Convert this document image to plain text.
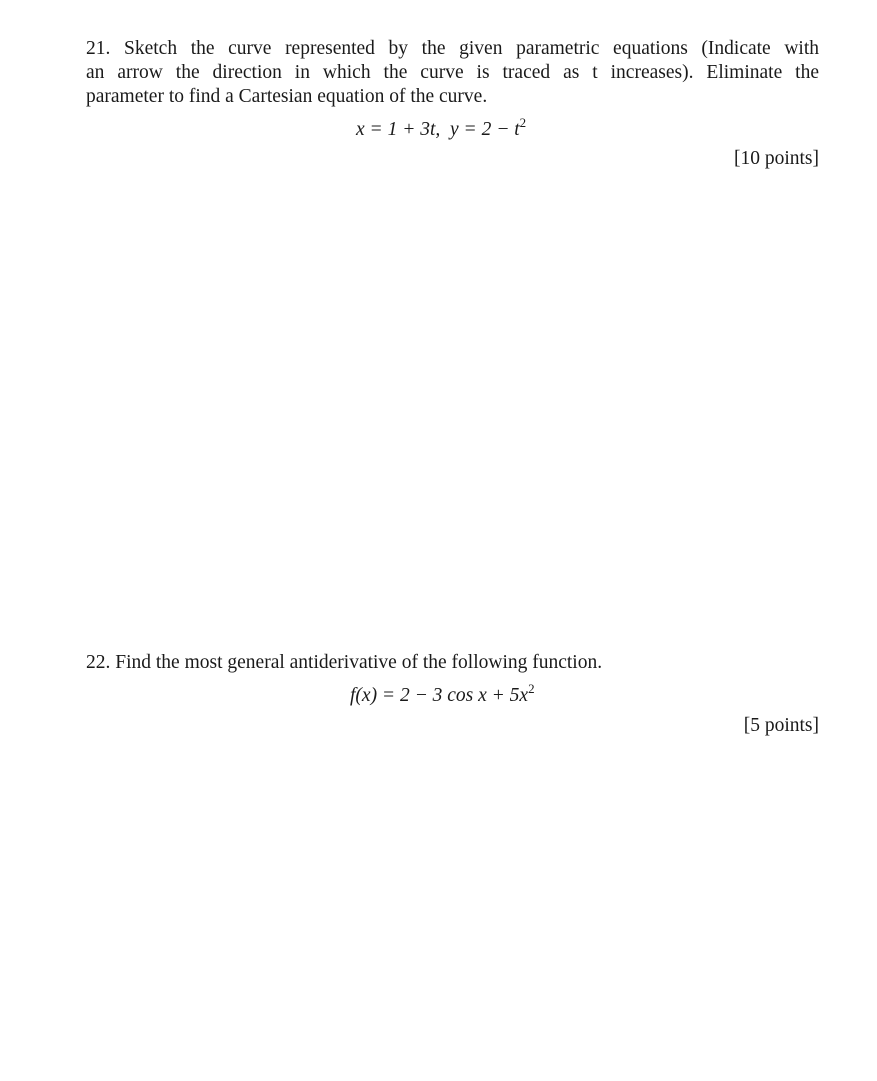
21. Sketch the curve represented by the given parametric equations (Indicate with
an arrow the direction in which the curve is traced as t increases). Eliminate the
parameter to find a Cartesian equation of the curve.
x = 1 + 3t, $y = 2 - t^2$
[10 points]
22. Find the most general antiderivative of the following function.
f(x) = 2 − 3 $\cos x + 5x^2$
[5 points]
